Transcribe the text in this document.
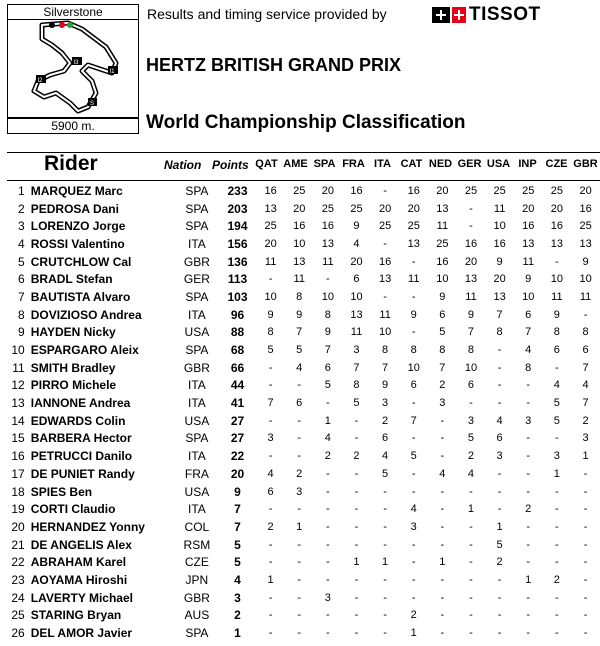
Silverstone
I1
I2
I3
S
5900 m.
Results and timing service provided by	TISSOT
HERTZ BRITISH GRAND PRIX
World Championship Classification
Rider	Nation Points QAT AME SPA FRA ITA CAT NED GER USA INP CZE GBR
1	MARQUEZ Marc	SPA	233	16	25	20	16	-	16	20	25	25	25	25	20
2	PEDROSA Dani	SPA	203	13	20	25	25	20	20	13	-	11	20	20	16
3	LORENZO Jorge	SPA	194	25	16	16	9	25	25	11	-	10	16	16	25
4	ROSSI Valentino	ITA	156	20	10	13	4	-	13	25	16	16	13	13	13
5	CRUTCHLOW Cal	GBR	136	11	13	11	20	16	-	16	20	9	11	-	9
6	BRADL Stefan	GER	113	-	11	-	6	13	11	10	13	20	9	10	10
7	BAUTISTA Alvaro	SPA	103	10	8	10	10	-	-	9	11	13	10	11	11
8	DOVIZIOSO Andrea	ITA	96	9	9	8	13	11	9	6	9	7	6	9	-
9	HAYDEN Nicky	USA	88	8	7	9	11	10	-	5	7	8	7	8	8
10	ESPARGARO Aleix	SPA	68	5	5	7	3	8	8	8	8	-	4	6	6
11	SMITH Bradley	GBR	66	-	4	6	7	7	10	7	10	-	8	-	7
12	PIRRO Michele	ITA	44	-	-	5	8	9	6	2	6	-	-	4	4
13	IANNONE Andrea	ITA	41	7	6	-	5	3	-	3	-	-	-	5	7
14	EDWARDS Colin	USA	27	-	-	1	-	2	7	-	3	4	3	5	2
15	BARBERA Hector	SPA	27	3	-	4	-	6	-	-	5	6	-	-	3
16	PETRUCCI Danilo	ITA	22	-	-	2	2	4	5	-	2	3	-	3	1
17	DE PUNIET Randy	FRA	20	4	2	-	-	5	-	4	4	-	-	1	-
18	SPIES Ben	USA	9	6	3	-	-	-	-	-	-	-	-	-	-
19	CORTI Claudio	ITA	7	-	-	-	-	-	4	-	1	-	2	-	-
20	HERNANDEZ Yonny	COL	7	2	1	-	-	-	3	-	-	1	-	-	-
21	DE ANGELIS Alex	RSM	5	-	-	-	-	-	-	-	-	5	-	-	-
22	ABRAHAM Karel	CZE	5	-	-	-	1	1	-	1	-	2	-	-	-
23	AOYAMA Hiroshi	JPN	4	1	-	-	-	-	-	-	-	-	1	2	-
24	LAVERTY Michael	GBR	3	-	-	3	-	-	-	-	-	-	-	-	-
25	STARING Bryan	AUS	2	-	-	-	-	-	2	-	-	-	-	-	-
26	DEL AMOR Javier	SPA	1	-	-	-	-	-	1	-	-	-	-	-	-
